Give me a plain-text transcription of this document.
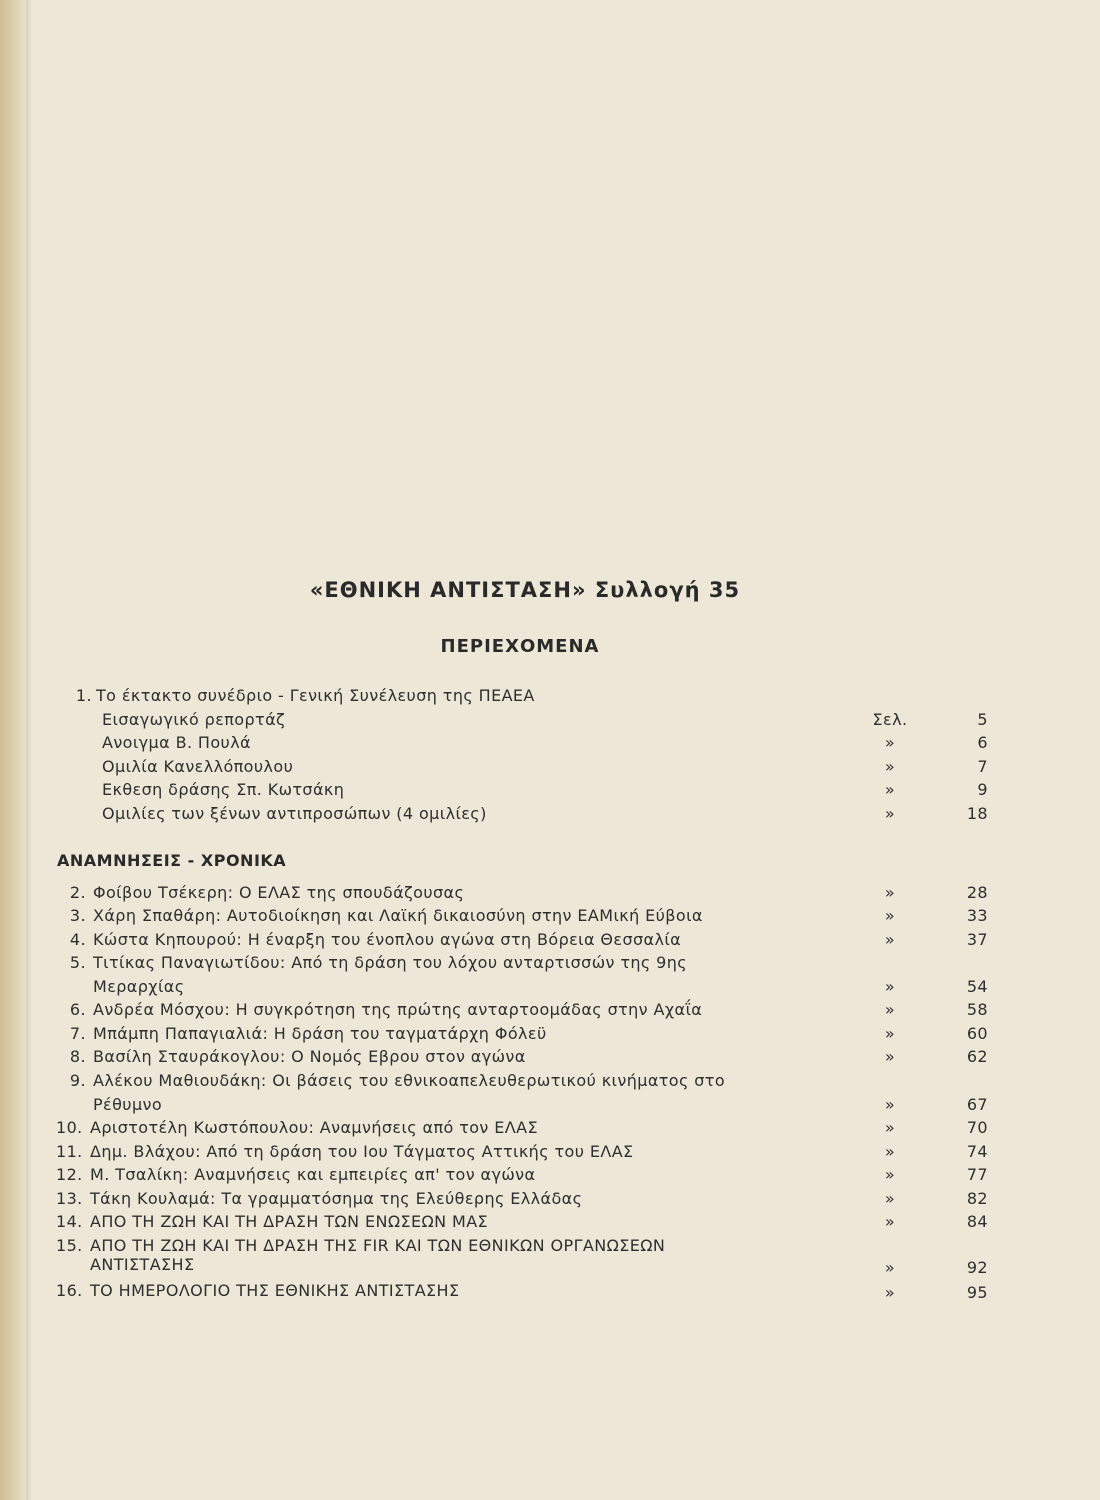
«ΕΘΝΙΚΗ ΑΝΤΙΣΤΑΣΗ» Συλλογή 35
ΠΕΡΙΕΧΟΜΕΝΑ
1. Το έκτακτο συνέδριο - Γενική Συνέλευση της ΠΕΑΕΑ
Εισαγωγικό ρεπορτάζ	Σελ.	5
Ανοιγμα Β. Πουλά	»	6
Ομιλία Κανελλόπουλου	»	7
Εκθεση δράσης Σπ. Κωτσάκη	»	9
Ομιλίες των ξένων αντιπροσώπων (4 ομιλίες)	»	18
ΑΝΑΜΝΗΣΕΙΣ - ΧΡΟΝΙΚΑ
2. Φοίβου Τσέκερη: Ο ΕΛΑΣ της σπουδάζουσας	»	28
3. Χάρη Σπαθάρη: Αυτοδιοίκηση και Λαϊκή δικαιοσύνη στην ΕΑΜική Εύβοια	»	33
4. Κώστα Κηπουρού: Η έναρξη του ένοπλου αγώνα στη Βόρεια Θεσσαλία	»	37
5. Τιτίκας Παναγιωτίδου: Από τη δράση του λόχου ανταρτισσών της 9ης
Μεραρχίας	»	54
6. Ανδρέα Μόσχου: Η συγκρότηση της πρώτης ανταρτοομάδας στην Αχαΐα	»	58
7. Μπάμπη Παπαγιαλιά: Η δράση του ταγματάρχη Φόλεϋ	»	60
8. Βασίλη Σταυράκογλου: Ο Νομός Εβρου στον αγώνα	»	62
9. Αλέκου Μαθιουδάκη: Οι βάσεις του εθνικοαπελευθερωτικού κινήματος στο
Ρέθυμνο	»	67
10. Αριστοτέλη Κωστόπουλου: Αναμνήσεις από τον ΕΛΑΣ	»	70
11. Δημ. Βλάχου: Από τη δράση του Ιου Τάγματος Αττικής του ΕΛΑΣ	»	74
12. Μ. Τσαλίκη: Αναμνήσεις και εμπειρίες απ' τον αγώνα	»	77
13. Τάκη Κουλαμά: Τα γραμματόσημα της Ελεύθερης Ελλάδας	»	82
14. ΑΠΟ ΤΗ ΖΩΗ ΚΑΙ ΤΗ ΔΡΑΣΗ ΤΩΝ ΕΝΩΣΕΩΝ ΜΑΣ	»	84
15. ΑΠΟ ΤΗ ΖΩΗ ΚΑΙ ΤΗ ΔΡΑΣΗ ΤΗΣ FIR ΚΑΙ ΤΩΝ ΕΘΝΙΚΩΝ ΟΡΓΑΝΩΣΕΩΝ
ΑΝΤΙΣΤΑΣΗΣ	»	92
16. ΤΟ ΗΜΕΡΟΛΟΓΙΟ ΤΗΣ ΕΘΝΙΚΗΣ ΑΝΤΙΣΤΑΣΗΣ	»	95
